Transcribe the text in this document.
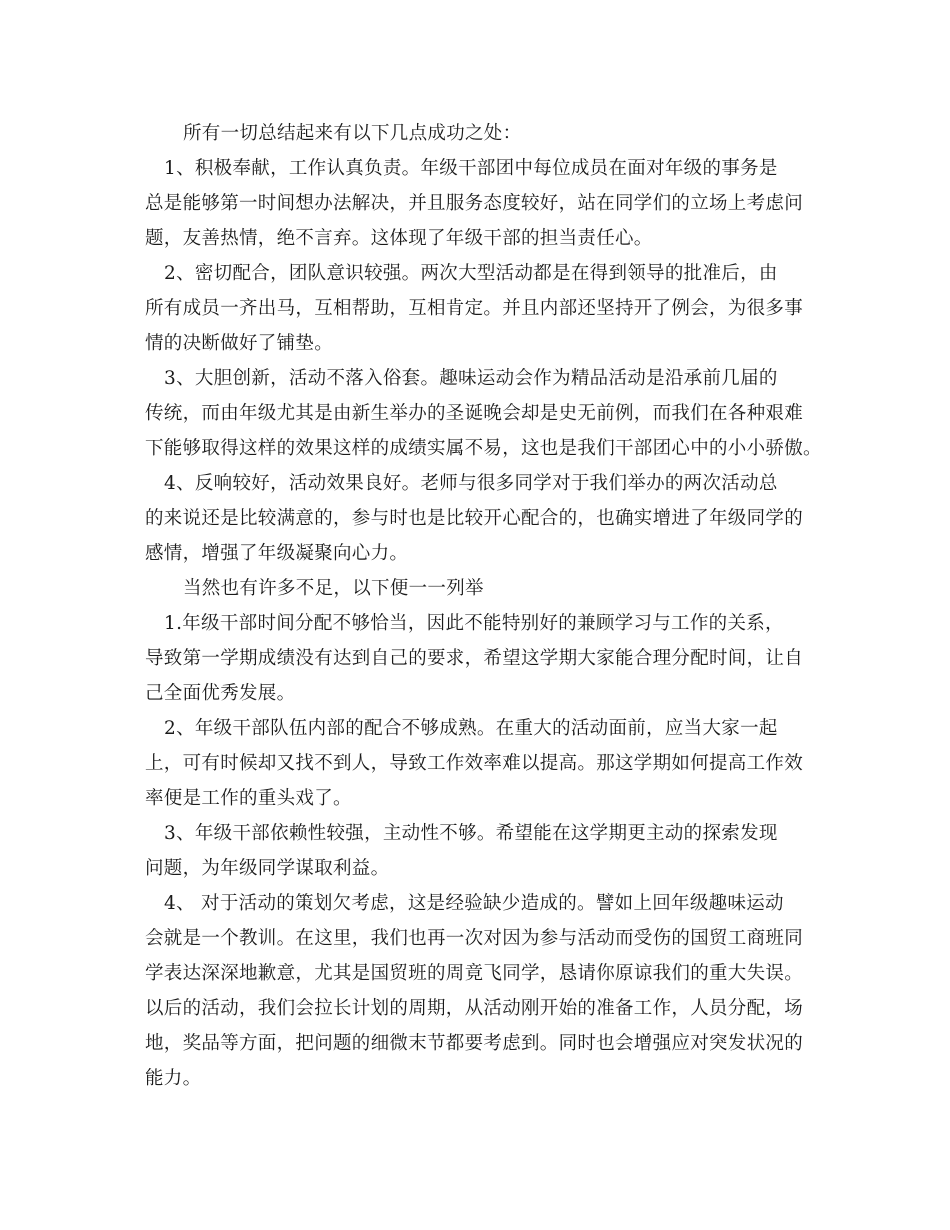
所有一切总结起来有以下几点成功之处：
1、积极奉献，工作认真负责。年级干部团中每位成员在面对年级的事务是
总是能够第一时间想办法解决，并且服务态度较好，站在同学们的立场上考虑问
题，友善热情，绝不言弃。这体现了年级干部的担当责任心。
2、密切配合，团队意识较强。两次大型活动都是在得到领导的批准后，由
所有成员一齐出马，互相帮助，互相肯定。并且内部还坚持开了例会，为很多事
情的决断做好了铺垫。
3、大胆创新，活动不落入俗套。趣味运动会作为精品活动是沿承前几届的
传统，而由年级尤其是由新生举办的圣诞晚会却是史无前例，而我们在各种艰难
下能够取得这样的效果这样的成绩实属不易，这也是我们干部团心中的小小骄傲。
4、反响较好，活动效果良好。老师与很多同学对于我们举办的两次活动总
的来说还是比较满意的，参与时也是比较开心配合的，也确实增进了年级同学的
感情，增强了年级凝聚向心力。
当然也有许多不足，以下便一一列举
1.年级干部时间分配不够恰当，因此不能特别好的兼顾学习与工作的关系，
导致第一学期成绩没有达到自己的要求，希望这学期大家能合理分配时间，让自
己全面优秀发展。
2、年级干部队伍内部的配合不够成熟。在重大的活动面前，应当大家一起
上，可有时候却又找不到人，导致工作效率难以提高。那这学期如何提高工作效
率便是工作的重头戏了。
3、年级干部依赖性较强，主动性不够。希望能在这学期更主动的探索发现
问题，为年级同学谋取利益。
4、 对于活动的策划欠考虑，这是经验缺少造成的。譬如上回年级趣味运动
会就是一个教训。在这里，我们也再一次对因为参与活动而受伤的国贸工商班同
学表达深深地歉意，尤其是国贸班的周竟飞同学，恳请你原谅我们的重大失误。
以后的活动，我们会拉长计划的周期，从活动刚开始的准备工作，人员分配，场
地，奖品等方面，把问题的细微末节都要考虑到。同时也会增强应对突发状况的
能力。
